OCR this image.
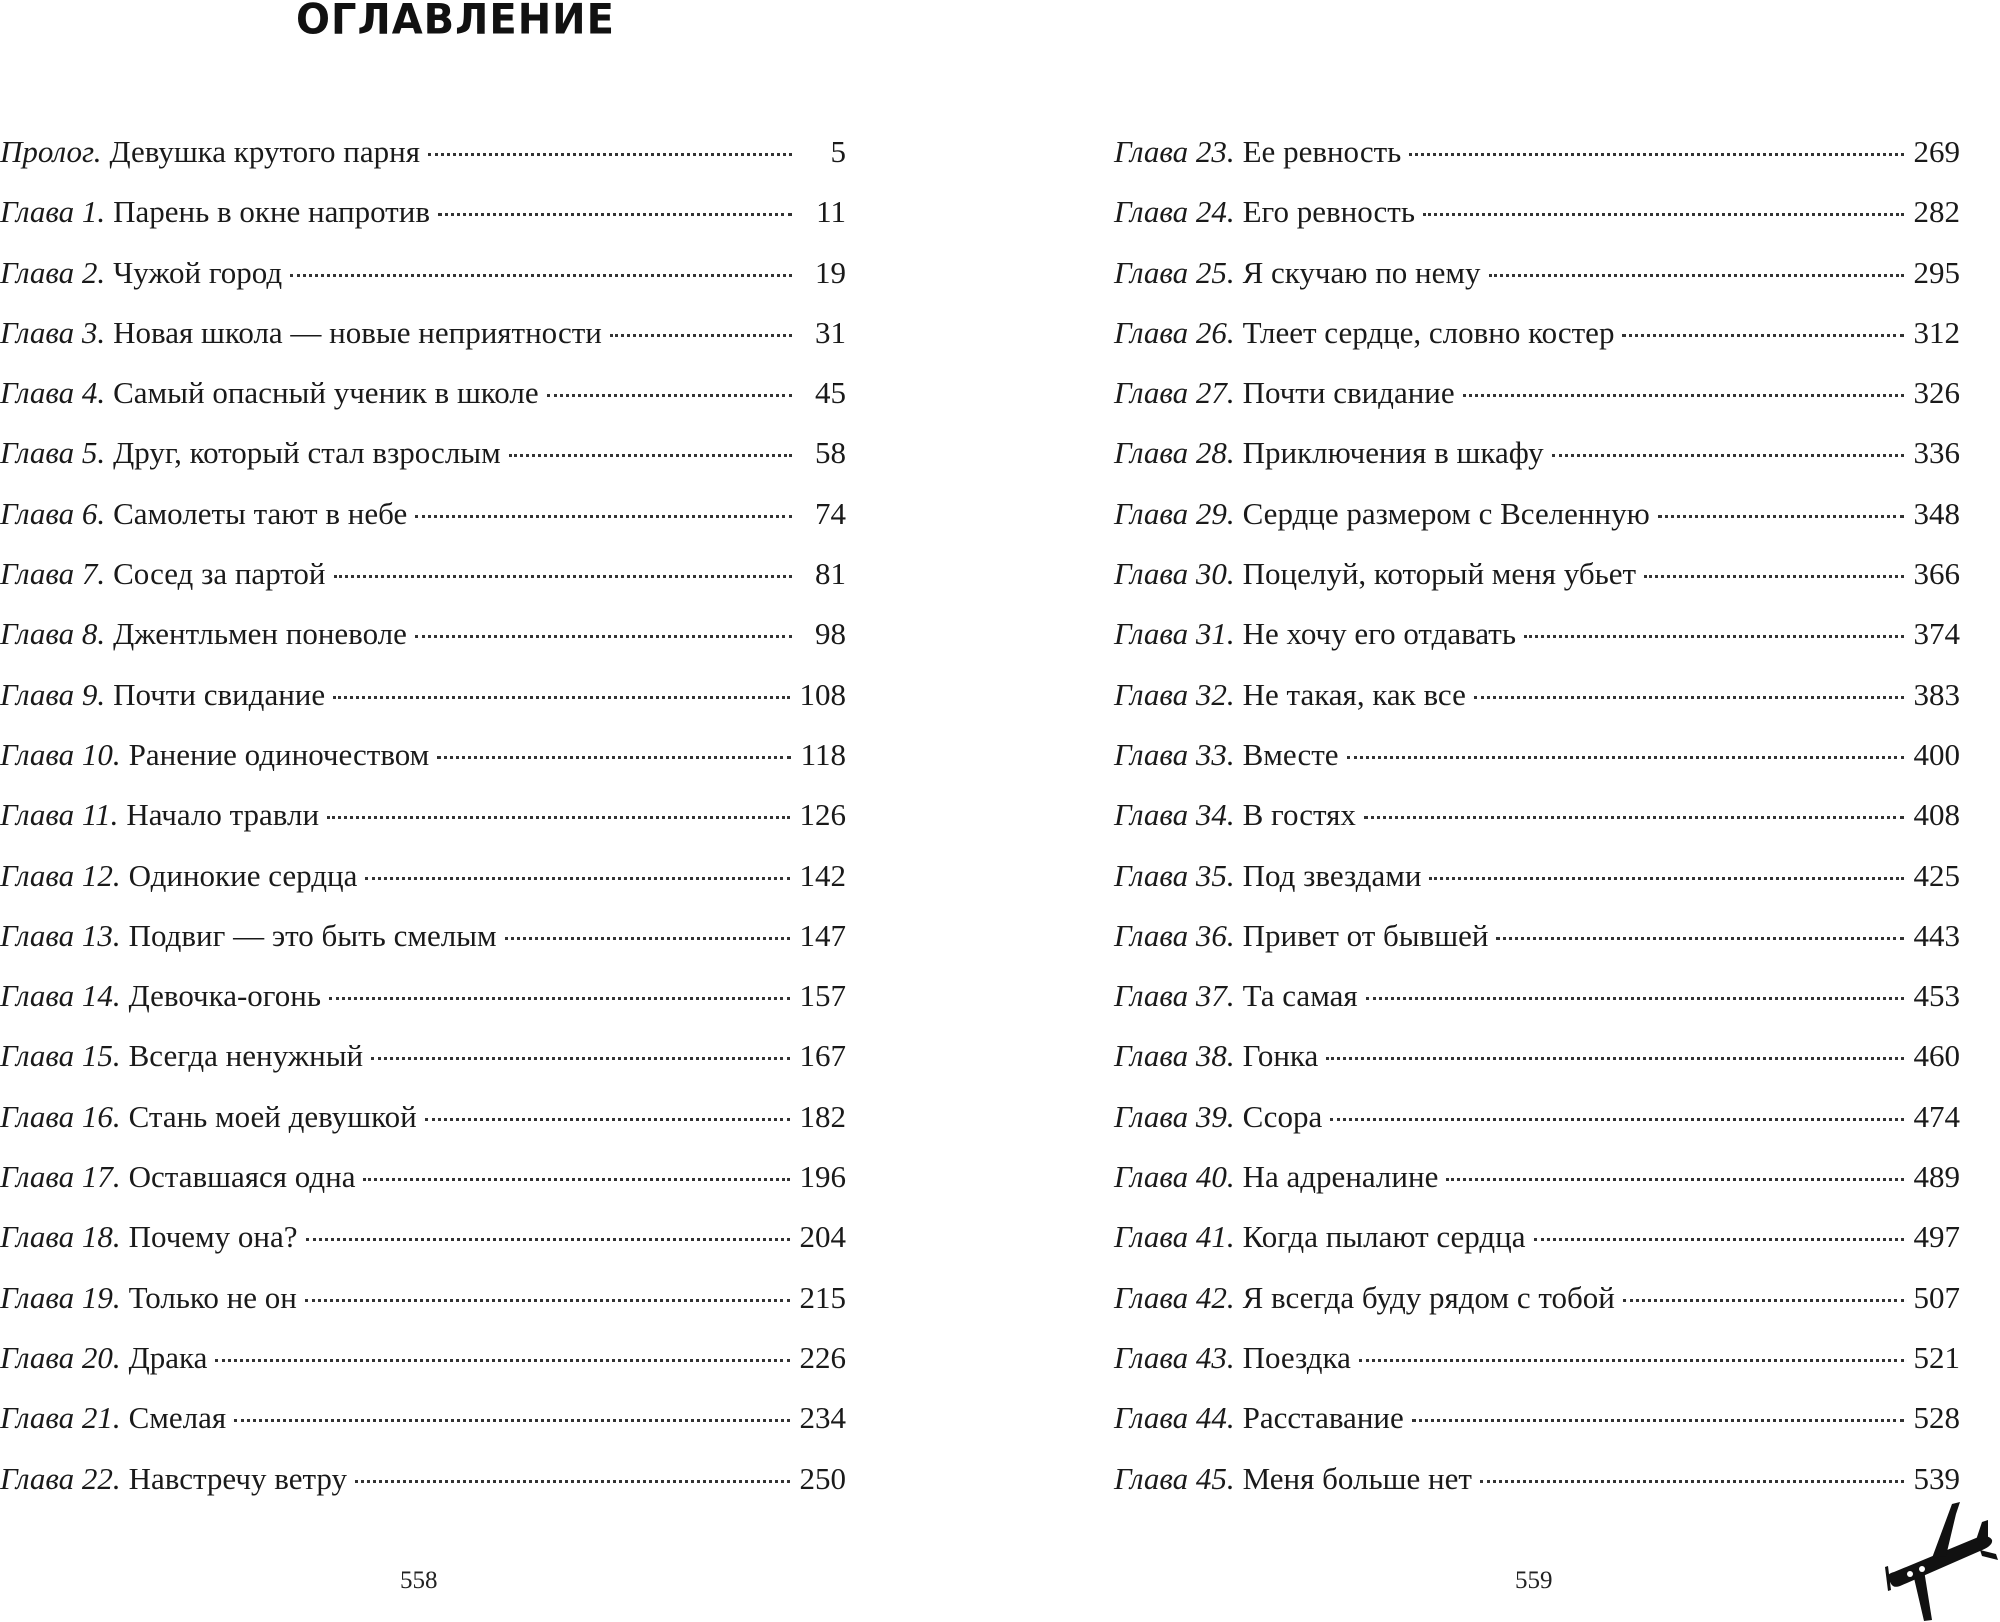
ОГЛАВЛЕНИЕ
Пролог. Девушка крутого парня	5
Глава 1. Парень в окне напротив	11
Глава 2. Чужой город	19
Глава 3. Новая школа — новые неприятности	31
Глава 4. Самый опасный ученик в школе	45
Глава 5. Друг, который стал взрослым	58
Глава 6. Самолеты тают в небе	74
Глава 7. Сосед за партой	81
Глава 8. Джентльмен поневоле	98
Глава 9. Почти свидание	108
Глава 10. Ранение одиночеством	118
Глава 11. Начало травли	126
Глава 12. Одинокие сердца	142
Глава 13. Подвиг — это быть смелым	147
Глава 14. Девочка-огонь	157
Глава 15. Всегда ненужный	167
Глава 16. Стань моей девушкой	182
Глава 17. Оставшаяся одна	196
Глава 18. Почему она?	204
Глава 19. Только не он	215
Глава 20. Драка	226
Глава 21. Смелая	234
Глава 22. Навстречу ветру	250
Глава 23. Ее ревность	269
Глава 24. Его ревность	282
Глава 25. Я скучаю по нему	295
Глава 26. Тлеет сердце, словно костер	312
Глава 27. Почти свидание	326
Глава 28. Приключения в шкафу	336
Глава 29. Сердце размером с Вселенную	348
Глава 30. Поцелуй, который меня убьет	366
Глава 31. Не хочу его отдавать	374
Глава 32. Не такая, как все	383
Глава 33. Вместе	400
Глава 34. В гостях	408
Глава 35. Под звездами	425
Глава 36. Привет от бывшей	443
Глава 37. Та самая	453
Глава 38. Гонка	460
Глава 39. Ссора	474
Глава 40. На адреналине	489
Глава 41. Когда пылают сердца	497
Глава 42. Я всегда буду рядом с тобой	507
Глава 43. Поездка	521
Глава 44. Расставание	528
Глава 45. Меня больше нет	539
558	559
